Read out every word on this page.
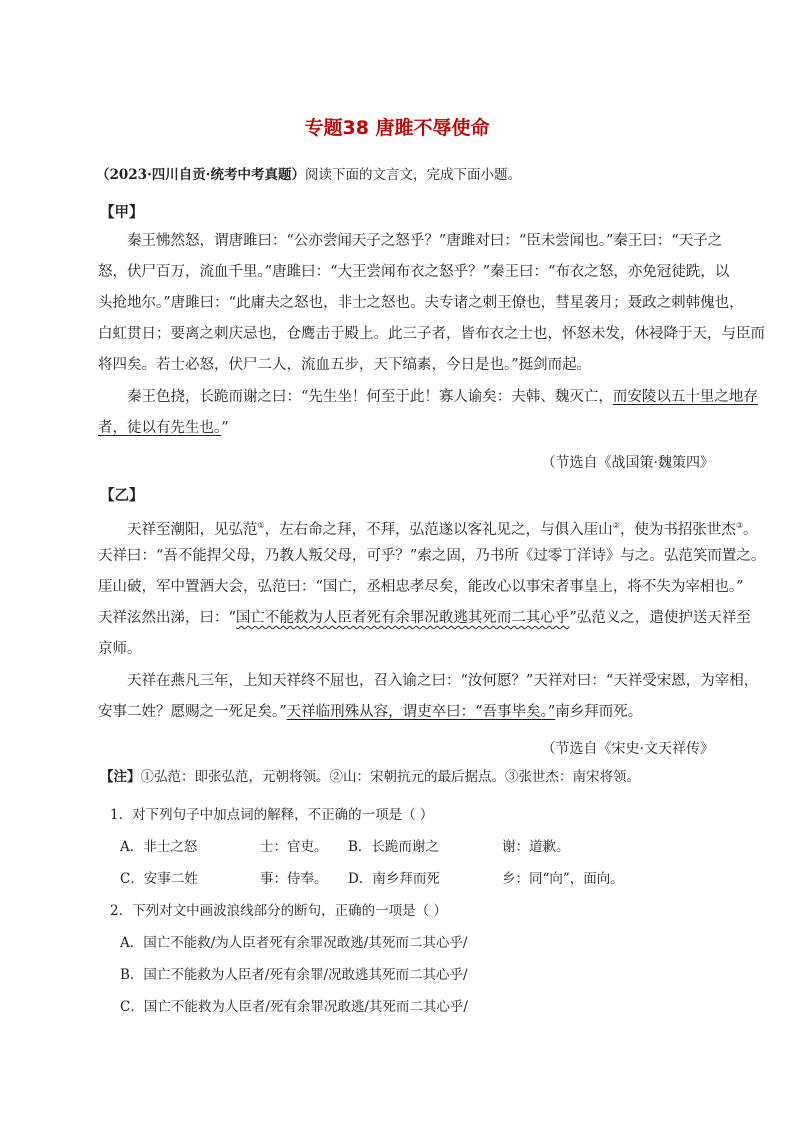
专题38 唐雎不辱使命
（2023·四川自贡·统考中考真题）阅读下面的文言文，完成下面小题。
【甲】
秦王怫然怒，谓唐雎曰：“公亦尝闻天子之怒乎？”唐雎对曰：“臣未尝闻也。”秦王曰：“天子之
怒，伏尸百万，流血千里。”唐雎曰：“大王尝闻布衣之怒乎？”秦王曰：“布衣之怒，亦免冠徒跣，以
头抢地尔。”唐雎曰：“此庸夫之怒也，非士之怒也。夫专诸之刺王僚也，彗星袭月；聂政之刺韩傀也，
白虹贯日；要离之刺庆忌也，仓鹰击于殿上。此三子者，皆布衣之士也，怀怒未发，休祲降于天，与臣而
将四矣。若士必怒，伏尸二人，流血五步，天下缟素，今日是也。”挺剑而起。
秦王色挠，长跪而谢之曰：“先生坐！何至于此！寡人谕矣：夫韩、魏灭亡，而安陵以五十里之地存
者，徒以有先生也。”
（节选自《战国策·魏策四》
【乙】
天祥至潮阳，见弘范①，左右命之拜，不拜，弘范遂以客礼见之，与俱入厓山②，使为书招张世杰③。
天祥曰：“吾不能捍父母，乃教人叛父母，可乎？”索之固，乃书所《过零丁洋诗》与之。弘范笑而置之。
厓山破，军中置酒大会，弘范曰：“国亡，丞相忠孝尽矣，能改心以事宋者事皇上，将不失为宰相也。”
天祥泫然出涕，曰：“国亡不能救为人臣者死有余罪况敢逃其死而二其心乎”弘范义之，遣使护送天祥至
京师。
天祥在燕凡三年，上知天祥终不屈也，召入谕之曰：“汝何愿？”天祥对曰：“天祥受宋恩，为宰相，
安事二姓？愿赐之一死足矣。”天祥临刑殊从容，谓吏卒曰：“吾事毕矣。”南乡拜而死。
（节选自《宋史·文天祥传》
【注】①弘范：即张弘范，元朝将领。②山：宋朝抗元的最后据点。③张世杰：南宋将领。
1．对下列句子中加点词的解释，不正确的一项是（ ）
A．非士之怒	士：官吏。 B．长跪而谢之	谢：道歉。
C．安事二姓	事：侍奉。 D．南乡拜而死	乡：同“向”，面向。
2．下列对文中画波浪线部分的断句，正确的一项是（ ）
A．国亡不能救/为人臣者死有余罪况敢逃/其死而二其心乎/
B．国亡不能救为人臣者/死有余罪/况敢逃其死而二其心乎/
C．国亡不能救为人臣者/死有余罪况敢逃/其死而二其心乎/
